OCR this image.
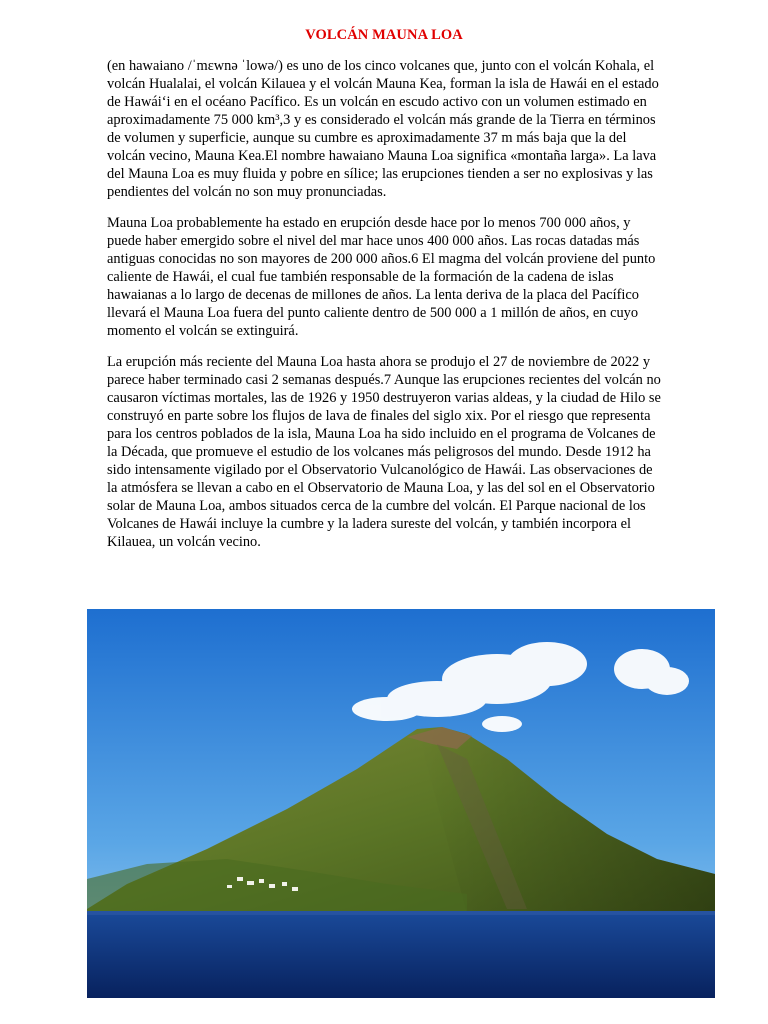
VOLCÁN MAUNA LOA

(en hawaiano /ˈmɛwnə ˈlowə/) es uno de los cinco volcanes que, junto con el volcán Kohala, el volcán Hualalai, el volcán Kilauea y el volcán Mauna Kea, forman la isla de Hawái en el estado de Hawáiʻi en el océano Pacífico. Es un volcán en escudo activo con un volumen estimado en aproximadamente 75 000 km³,3 y es considerado el volcán más grande de la Tierra en términos de volumen y superficie, aunque su cumbre es aproximadamente 37 m más baja que la del volcán vecino, Mauna Kea.El nombre hawaiano Mauna Loa significa «montaña larga». La lava del Mauna Loa es muy fluida y pobre en sílice; las erupciones tienden a ser no explosivas y las pendientes del volcán no son muy pronunciadas.

Mauna Loa probablemente ha estado en erupción desde hace por lo menos 700 000 años, y puede haber emergido sobre el nivel del mar hace unos 400 000 años. Las rocas datadas más antiguas conocidas no son mayores de 200 000 años.6 El magma del volcán proviene del punto caliente de Hawái, el cual fue también responsable de la formación de la cadena de islas hawaianas a lo largo de decenas de millones de años. La lenta deriva de la placa del Pacífico llevará el Mauna Loa fuera del punto caliente dentro de 500 000 a 1 millón de años, en cuyo momento el volcán se extinguirá.

La erupción más reciente del Mauna Loa hasta ahora se produjo el 27 de noviembre de 2022 y parece haber terminado casi 2 semanas después.7 Aunque las erupciones recientes del volcán no causaron víctimas mortales, las de 1926 y 1950 destruyeron varias aldeas, y la ciudad de Hilo se construyó en parte sobre los flujos de lava de finales del siglo xix. Por el riesgo que representa para los centros poblados de la isla, Mauna Loa ha sido incluido en el programa de Volcanes de la Década, que promueve el estudio de los volcanes más peligrosos del mundo. Desde 1912 ha sido intensamente vigilado por el Observatorio Vulcanológico de Hawái. Las observaciones de la atmósfera se llevan a cabo en el Observatorio de Mauna Loa, y las del sol en el Observatorio solar de Mauna Loa, ambos situados cerca de la cumbre del volcán. El Parque nacional de los Volcanes de Hawái incluye la cumbre y la ladera sureste del volcán, y también incorpora el Kilauea, un volcán vecino.
